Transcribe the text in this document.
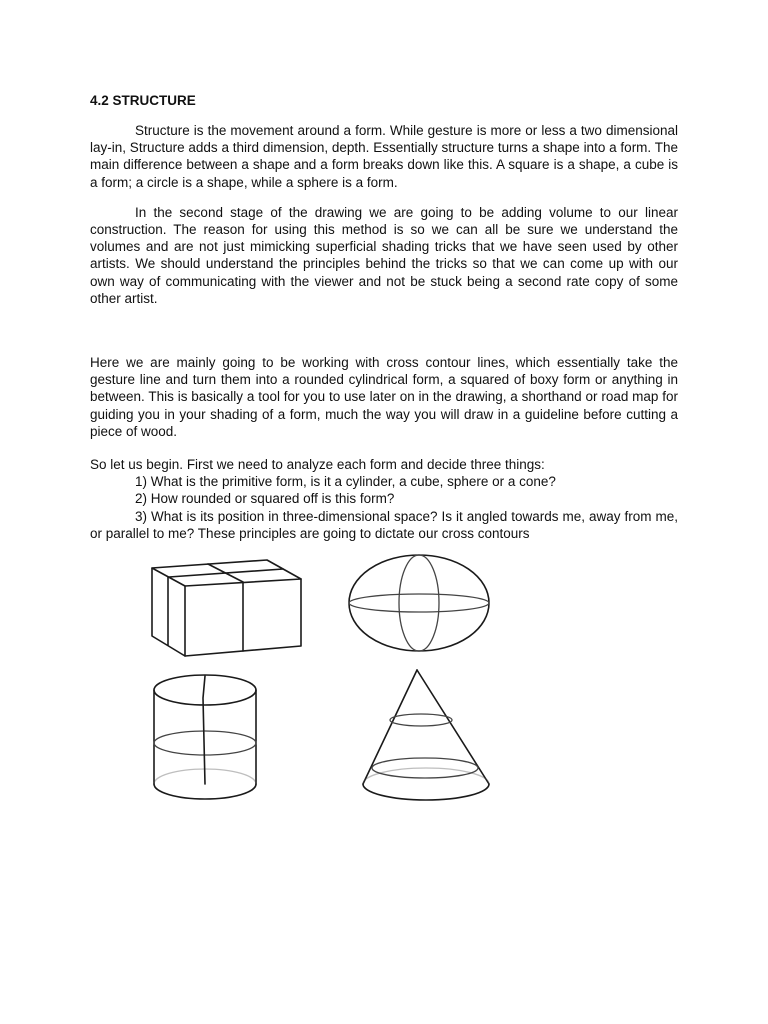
4.2 STRUCTURE

Structure is the movement around a form. While gesture is more or less a two dimensional lay-in, Structure adds a third dimension, depth. Essentially structure turns a shape into a form. The main difference between a shape and a form breaks down like this. A square is a shape, a cube is a form; a circle is a shape, while a sphere is a form.

In the second stage of the drawing we are going to be adding volume to our linear construction. The reason for using this method is so we can all be sure we understand the volumes and are not just mimicking superficial shading tricks that we have seen used by other artists. We should understand the principles behind the tricks so that we can come up with our own way of communicating with the viewer and not be stuck being a second rate copy of some other artist.

Here we are mainly going to be working with cross contour lines, which essentially take the gesture line and turn them into a rounded cylindrical form, a squared of boxy form or anything in between. This is basically a tool for you to use later on in the drawing, a shorthand or road map for guiding you in your shading of a form, much the way you will draw in a guideline before cutting a piece of wood.

So let us begin. First we need to analyze each form and decide three things:

1) What is the primitive form, is it a cylinder, a cube, sphere or a cone?

2) How rounded or squared off is this form?

3) What is its position in three-dimensional space? Is it angled towards me, away from me, or parallel to me? These principles are going to dictate our cross contours
